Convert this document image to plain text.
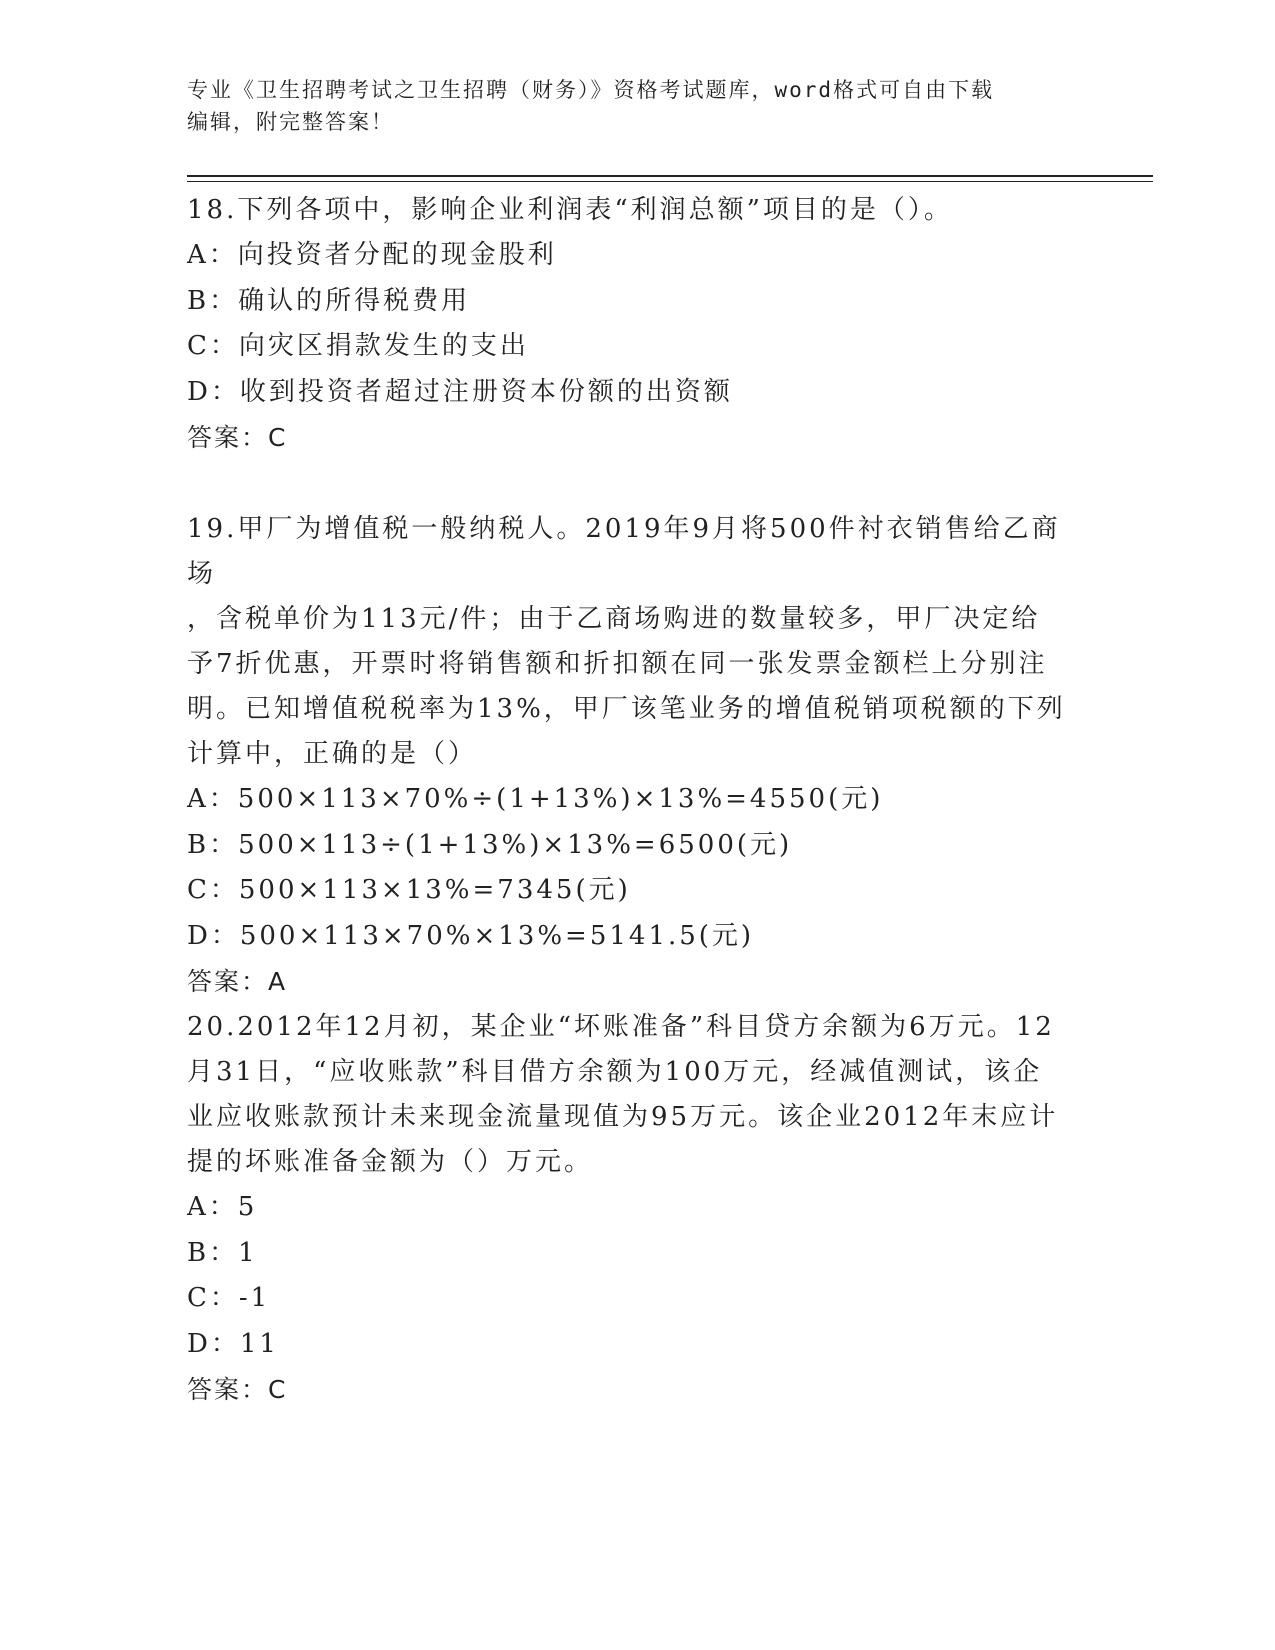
专业《卫生招聘考试之卫生招聘（财务）》资格考试题库，word格式可自由下载
编辑，附完整答案！
18.下列各项中，影响企业利润表“利润总额”项目的是（）。
A：向投资者分配的现金股利
B：确认的所得税费用
C：向灾区捐款发生的支出
D：收到投资者超过注册资本份额的出资额
答案：C
19.甲厂为增值税一般纳税人。2019年9月将500件衬衣销售给乙商场
，含税单价为113元/件；由于乙商场购进的数量较多，甲厂决定给
予7折优惠，开票时将销售额和折扣额在同一张发票金额栏上分别注
明。已知增值税税率为13%，甲厂该笔业务的增值税销项税额的下列
计算中，正确的是（）
A：500×113×70%÷(1+13%)×13%=4550(元)
B：500×113÷(1+13%)×13%=6500(元)
C：500×113×13%=7345(元)
D：500×113×70%×13%=5141.5(元)
答案：A
20.2012年12月初，某企业“坏账准备”科目贷方余额为6万元。12
月31日，“应收账款”科目借方余额为100万元，经减值测试，该企
业应收账款预计未来现金流量现值为95万元。该企业2012年末应计
提的坏账准备金额为（）万元。
A：5
B：1
C：-1
D：11
答案：C
